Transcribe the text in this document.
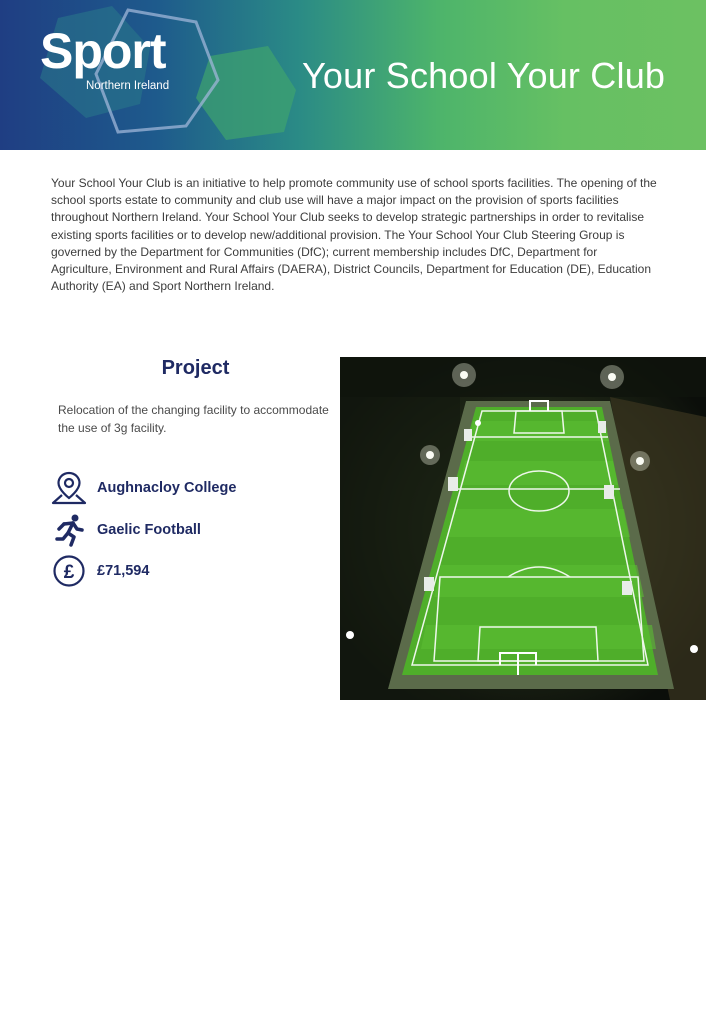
Sport
Northern Ireland	Your School Your Club

Your School Your Club is an initiative to help promote community use of school sports facilities. The opening of the school sports estate to community and club use will have a major impact on the provision of sports facilities throughout Northern Ireland. Your School Your Club seeks to develop strategic partnerships in order to revitalise existing sports facilities or to develop new/additional provision. The Your School Your Club Steering Group is governed by the Department for Communities (DfC); current membership includes DfC, Department for Agriculture, Environment and Rural Affairs (DAERA), District Councils, Department for Education (DE), Education Authority (EA) and Sport Northern Ireland.

Project

Relocation of the changing facility to accommodate the use of 3g facility.

Aughnacloy College
Gaelic Football
£ £71,594
